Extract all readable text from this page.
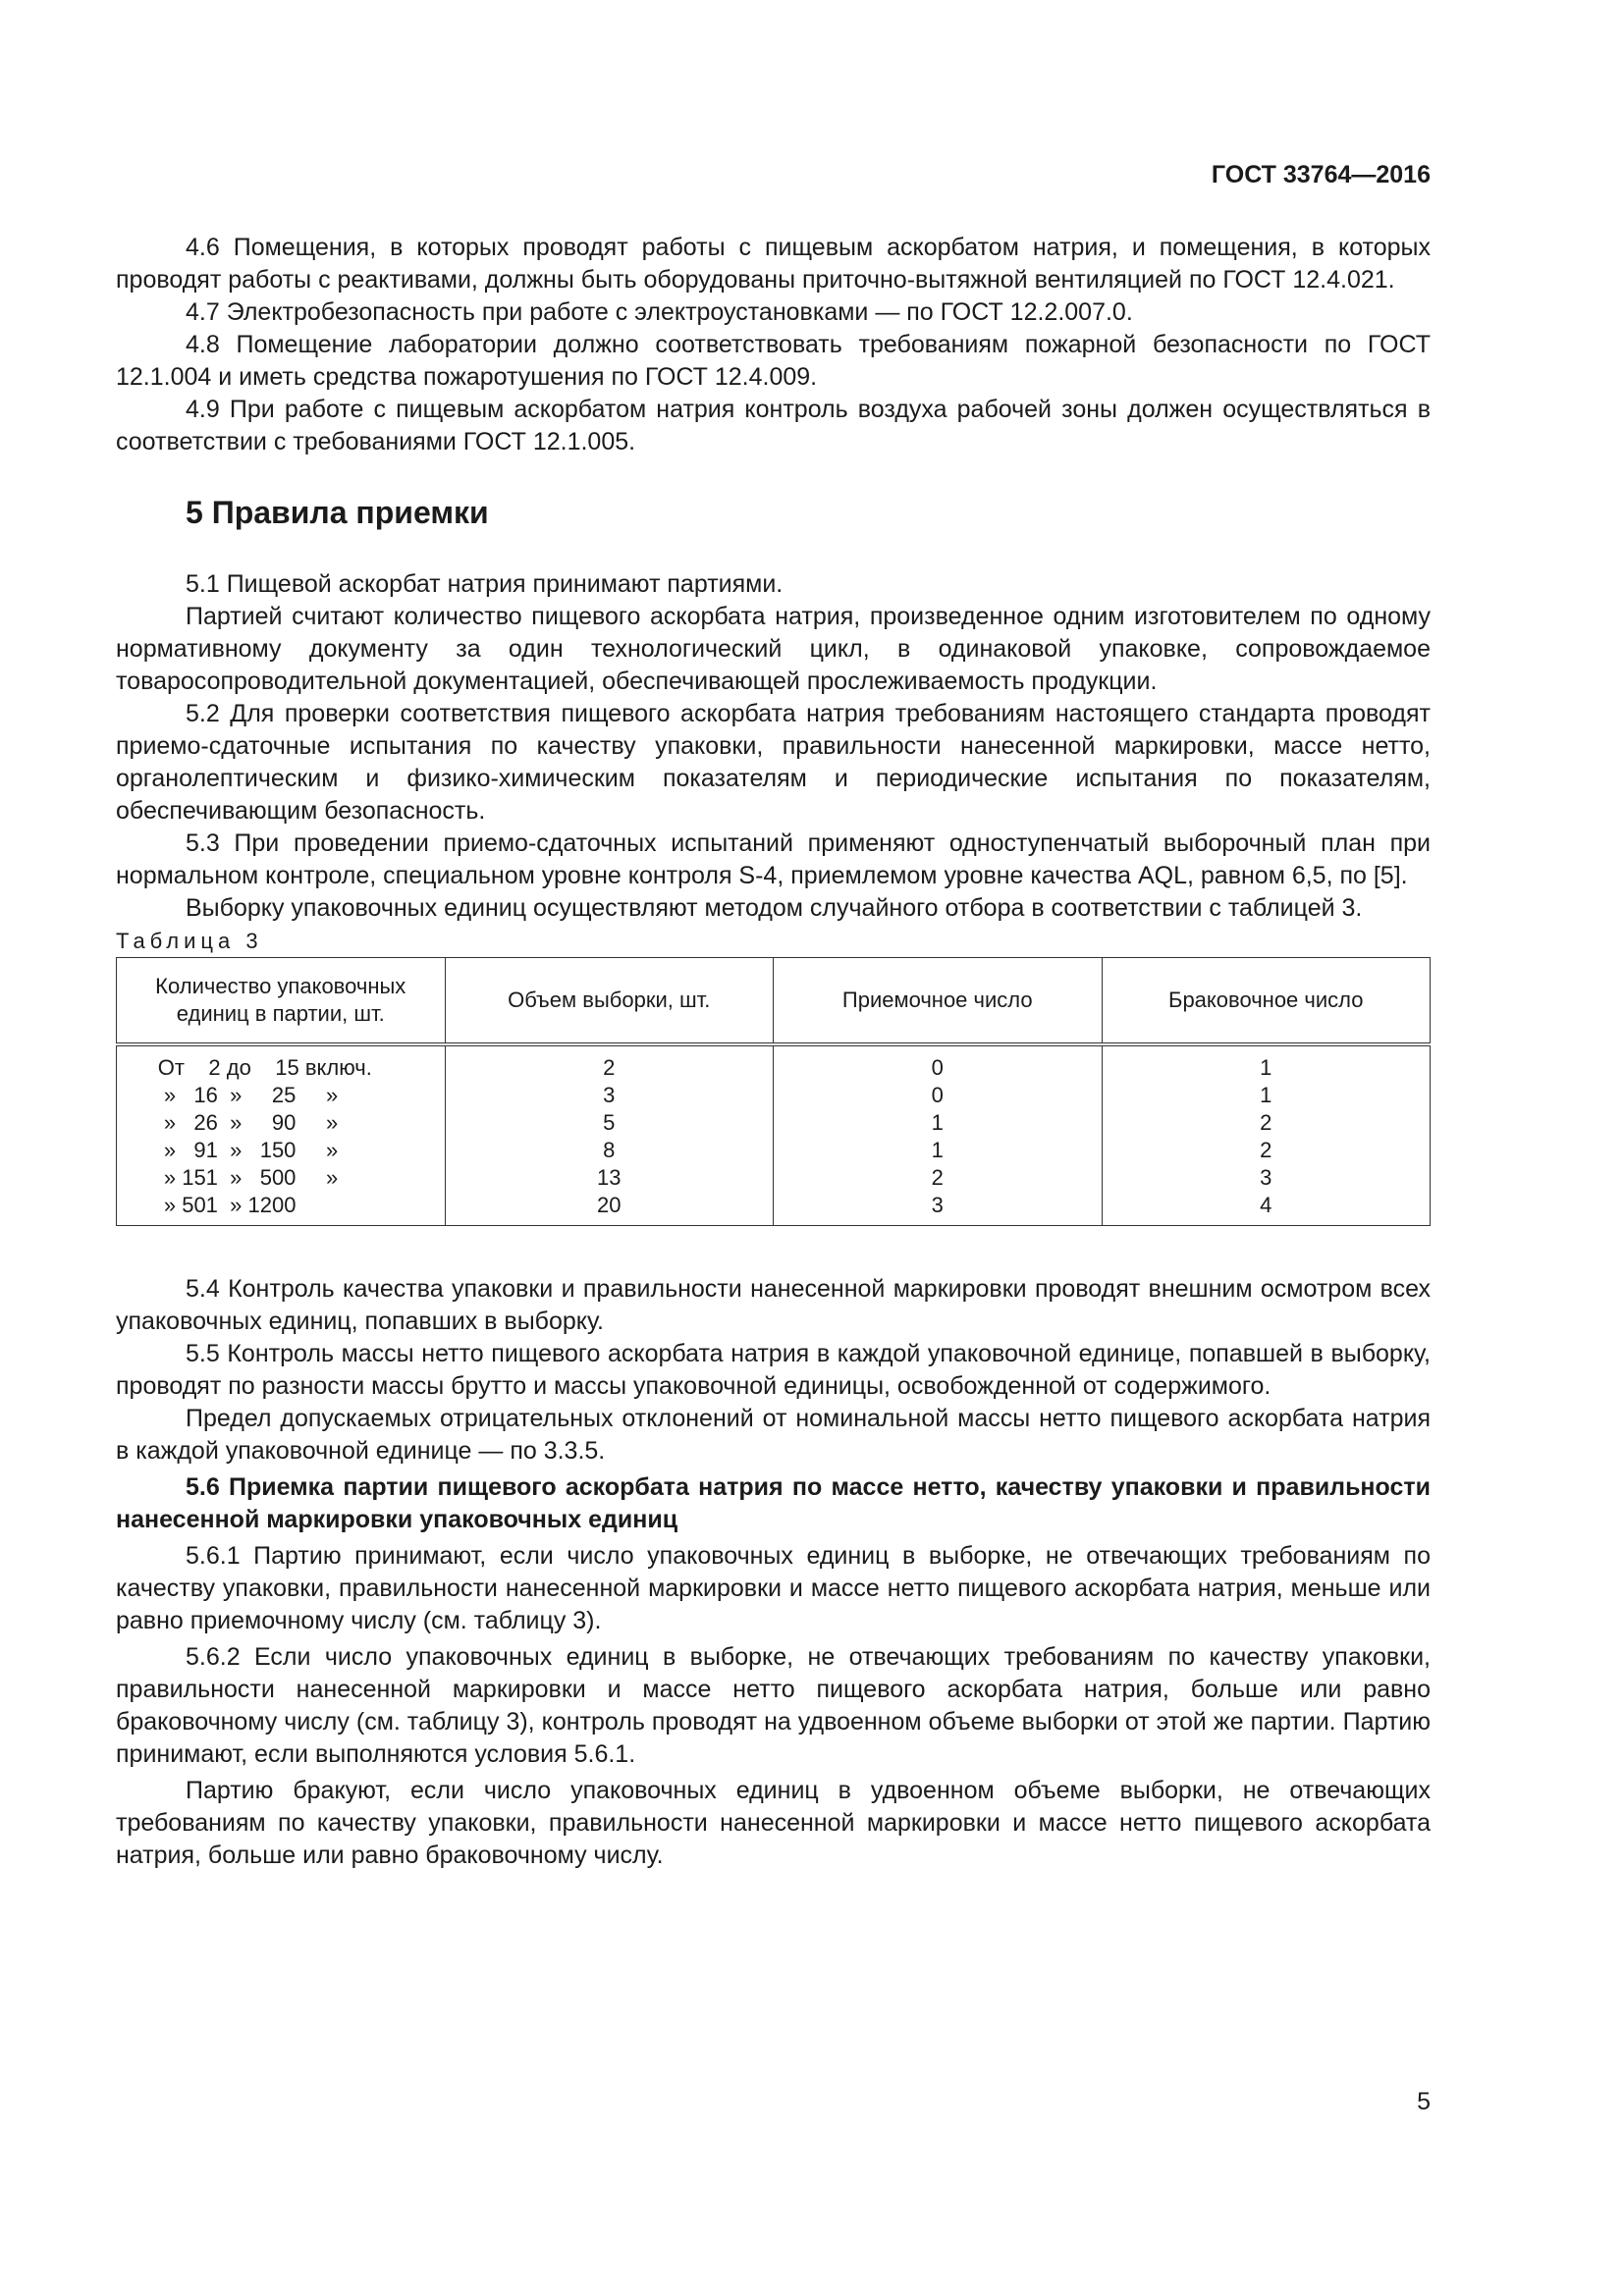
ГОСТ 33764—2016

4.6 Помещения, в которых проводят работы с пищевым аскорбатом натрия, и помещения, в которых проводят работы с реактивами, должны быть оборудованы приточно-вытяжной вентиляцией по ГОСТ 12.4.021.

4.7 Электробезопасность при работе с электроустановками — по ГОСТ 12.2.007.0.

4.8 Помещение лаборатории должно соответствовать требованиям пожарной безопасности по ГОСТ 12.1.004 и иметь средства пожаротушения по ГОСТ 12.4.009.

4.9 При работе с пищевым аскорбатом натрия контроль воздуха рабочей зоны должен осуществляться в соответствии с требованиями ГОСТ 12.1.005.

5 Правила приемки

5.1 Пищевой аскорбат натрия принимают партиями.

Партией считают количество пищевого аскорбата натрия, произведенное одним изготовителем по одному нормативному документу за один технологический цикл, в одинаковой упаковке, сопровождаемое товаросопроводительной документацией, обеспечивающей прослеживаемость продукции.

5.2 Для проверки соответствия пищевого аскорбата натрия требованиям настоящего стандарта проводят приемо-сдаточные испытания по качеству упаковки, правильности нанесенной маркировки, массе нетто, органолептическим и физико-химическим показателям и периодические испытания по показателям, обеспечивающим безопасность.

5.3 При проведении приемо-сдаточных испытаний применяют одноступенчатый выборочный план при нормальном контроле, специальном уровне контроля S-4, приемлемом уровне качества AQL, равном 6,5, по [5].

Выборку упаковочных единиц осуществляют методом случайного отбора в соответствии с таблицей 3.

Таблица 3

Количество упаковочных единиц в партии, шт.	Объем выборки, шт.	Приемочное число	Браковочное число
От    2 до    15 включ.	2	0	1
»   16  »     25     »	3	0	1
»   26  »     90     »	5	1	2
»   91  »   150     »	8	1	2
» 151  »   500     »	13	2	3
» 501  » 1200	20	3	4

5.4 Контроль качества упаковки и правильности нанесенной маркировки проводят внешним осмотром всех упаковочных единиц, попавших в выборку.

5.5 Контроль массы нетто пищевого аскорбата натрия в каждой упаковочной единице, попавшей в выборку, проводят по разности массы брутто и массы упаковочной единицы, освобожденной от содержимого.

Предел допускаемых отрицательных отклонений от номинальной массы нетто пищевого аскорбата натрия в каждой упаковочной единице — по 3.3.5.

5.6 Приемка партии пищевого аскорбата натрия по массе нетто, качеству упаковки и правильности нанесенной маркировки упаковочных единиц

5.6.1 Партию принимают, если число упаковочных единиц в выборке, не отвечающих требованиям по качеству упаковки, правильности нанесенной маркировки и массе нетто пищевого аскорбата натрия, меньше или равно приемочному числу (см. таблицу 3).

5.6.2 Если число упаковочных единиц в выборке, не отвечающих требованиям по качеству упаковки, правильности нанесенной маркировки и массе нетто пищевого аскорбата натрия, больше или равно браковочному числу (см. таблицу 3), контроль проводят на удвоенном объеме выборки от этой же партии. Партию принимают, если выполняются условия 5.6.1.

Партию бракуют, если число упаковочных единиц в удвоенном объеме выборки, не отвечающих требованиям по качеству упаковки, правильности нанесенной маркировки и массе нетто пищевого аскорбата натрия, больше или равно браковочному числу.

5
